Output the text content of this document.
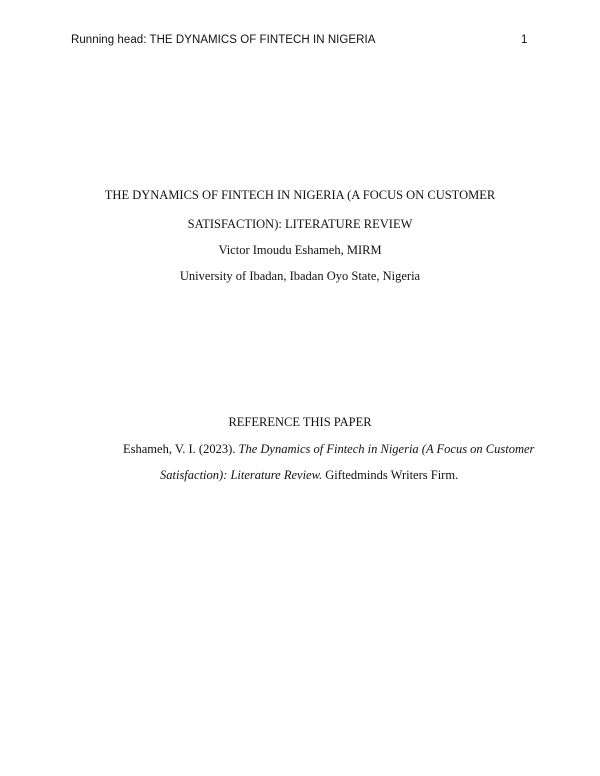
Running head: THE DYNAMICS OF FINTECH IN NIGERIA	1
THE DYNAMICS OF FINTECH IN NIGERIA (A FOCUS ON CUSTOMER
SATISFACTION): LITERATURE REVIEW
Victor Imoudu Eshameh, MIRM
University of Ibadan, Ibadan Oyo State, Nigeria
REFERENCE THIS PAPER
Eshameh, V. I. (2023). The Dynamics of Fintech in Nigeria (A Focus on Customer
Satisfaction): Literature Review. Giftedminds Writers Firm.
